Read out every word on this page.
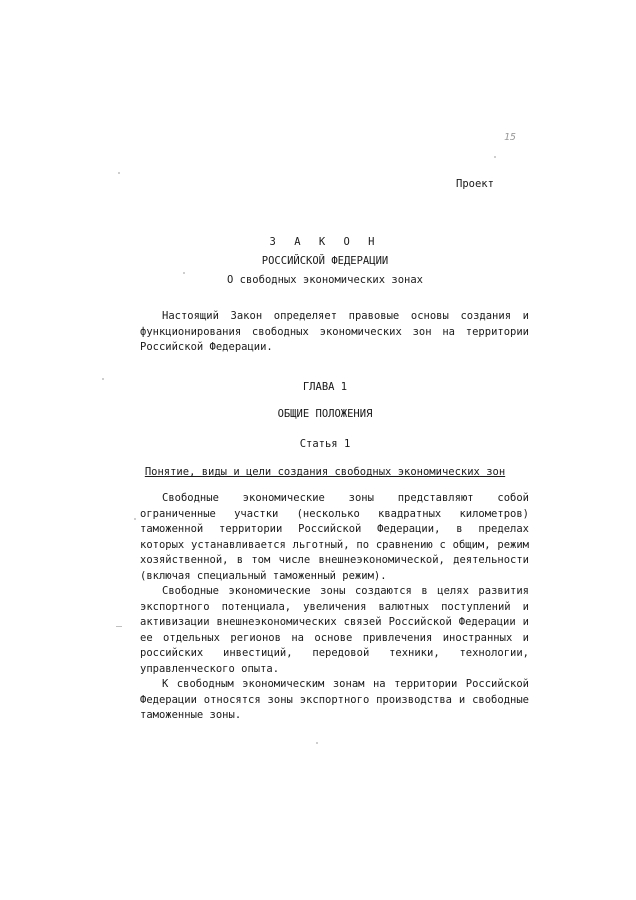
15
Проект
З А К О Н
РОССИЙСКОЙ ФЕДЕРАЦИИ
О свободных экономических зонах

Настоящий Закон определяет правовые основы создания и функционирования свободных экономических зон на территории Российской Федерации.

ГЛАВА 1
ОБЩИЕ ПОЛОЖЕНИЯ
Статья 1
Понятие, виды и цели создания свободных экономических зон

Свободные экономические зоны представляют собой ограниченные участки (несколько квадратных километров) таможенной территории Российской Федерации, в пределах которых устанавливается льготный, по сравнению с общим, режим хозяйственной, в том числе внешнеэкономической, деятельности (включая специальный таможенный режим).

Свободные экономические зоны создаются в целях развития экспортного потенциала, увеличения валютных поступлений и активизации внешнеэкономических связей Российской Федерации и ее отдельных регионов на основе привлечения иностранных и российских инвестиций, передовой техники, технологии, управленческого опыта.

К свободным экономическим зонам на территории Российской Федерации относятся зоны экспортного производства и свободные таможенные зоны.
